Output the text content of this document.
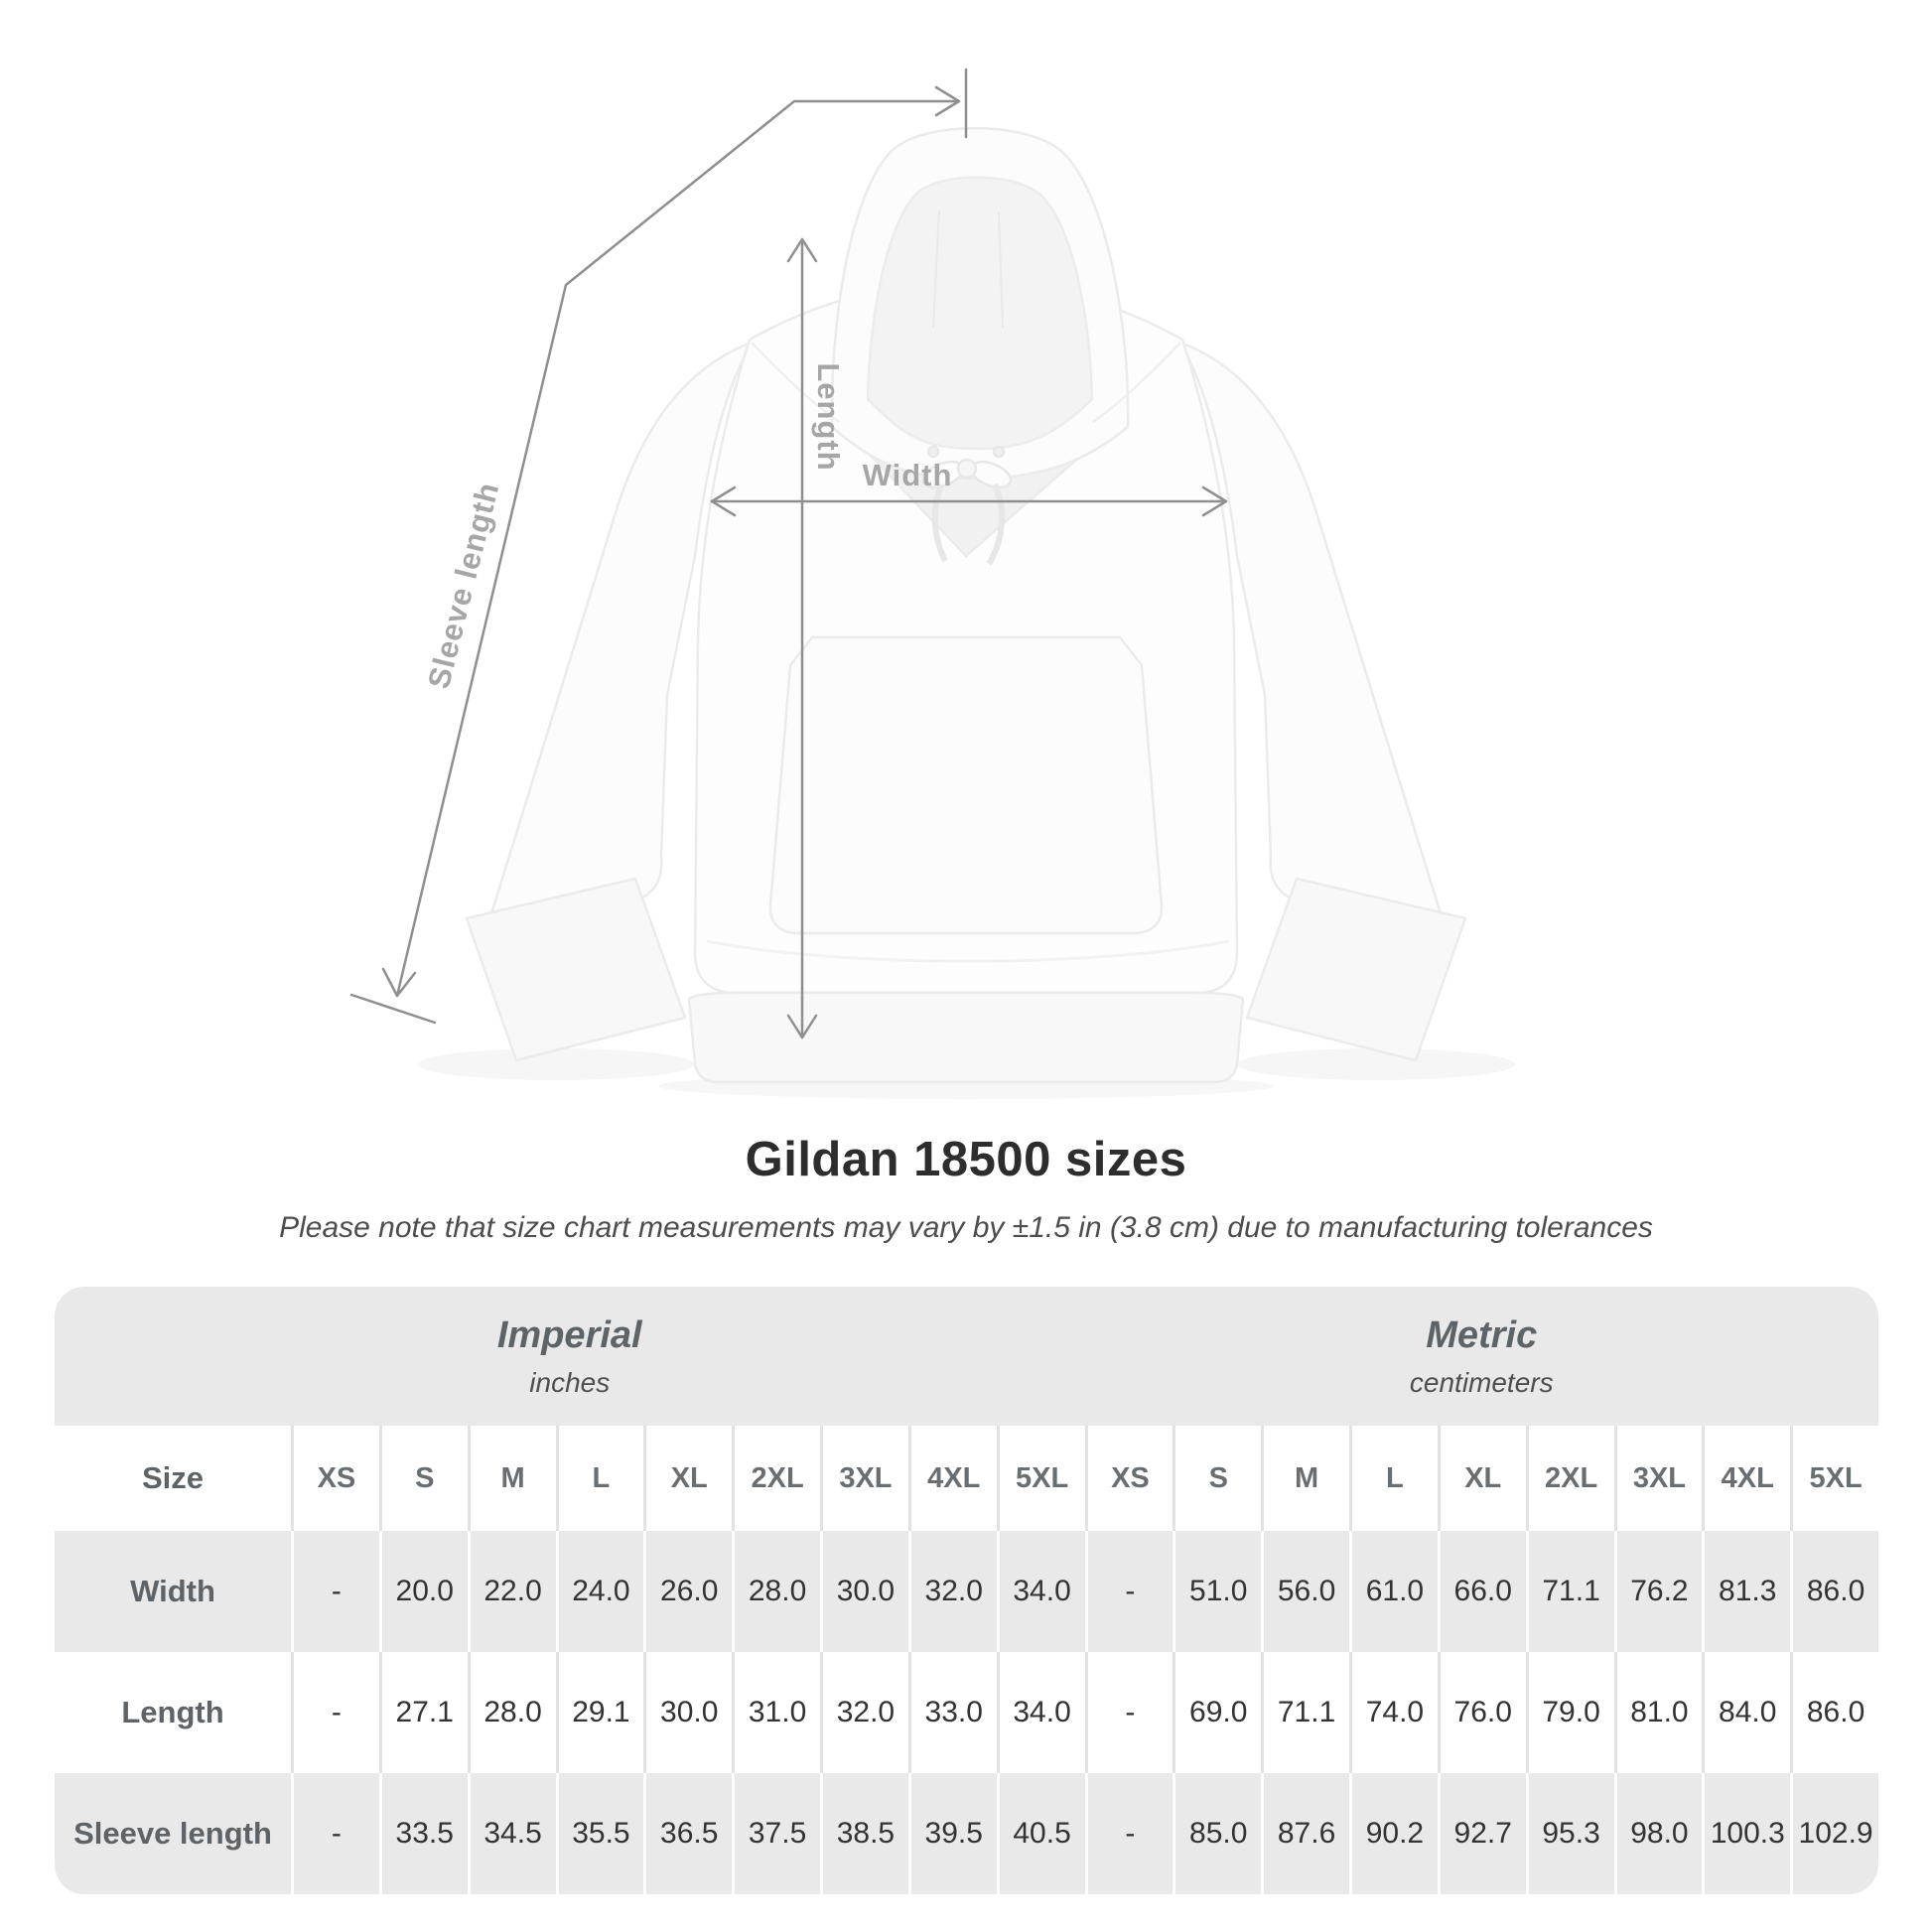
Sleeve length
Length
Width
Gildan 18500 sizes
Please note that size chart measurements may vary by ±1.5 in (3.8 cm) due to manufacturing tolerances
Imperial
inches
Metric
centimeters
Size	XS	S	M	L	XL	2XL	3XL	4XL	5XL	XS	S	M	L	XL	2XL	3XL	4XL	5XL
Width	-	20.0	22.0	24.0	26.0	28.0	30.0	32.0	34.0	-	51.0	56.0	61.0	66.0	71.1	76.2	81.3	86.0
Length	-	27.1	28.0	29.1	30.0	31.0	32.0	33.0	34.0	-	69.0	71.1	74.0	76.0	79.0	81.0	84.0	86.0
Sleeve length	-	33.5	34.5	35.5	36.5	37.5	38.5	39.5	40.5	-	85.0	87.6	90.2	92.7	95.3	98.0 100.3 102.9
